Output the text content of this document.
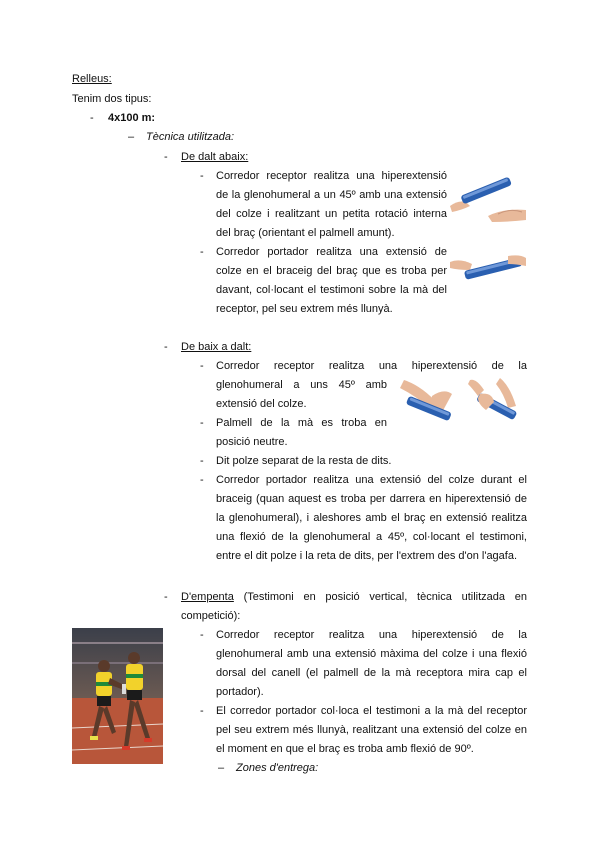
Relleus:
Tenim dos tipus:
- 4x100 m:
– Tècnica utilitzada:
- De dalt abaix:
- Corredor receptor realitza una hiperextensió
de la glenohumeral a un 45º amb una extensió
del colze i realitzant un petita rotació interna
del braç (orientant el palmell amunt).
- Corredor portador realitza una extensió de
colze en el braceig del braç que es troba per
davant, col·locant el testimoni sobre la mà del
receptor, pel seu extrem més llunyà.
- De baix a dalt:
- Corredor receptor realitza una hiperextensió de la
glenohumeral a uns 45º amb
extensió del colze.
- Palmell de la mà es troba en
posició neutre.
- Dit polze separat de la resta de dits.
- Corredor portador realitza una extensió del colze durant el
braceig (quan aquest es troba per darrera en hiperextensió de
la glenohumeral), i aleshores amb el braç en extensió realitza
una flexió de la glenohumeral a 45º, col·locant el testimoni,
entre el dit polze i la reta de dits, per l'extrem des d'on l'agafa.
- D'empenta (Testimoni en posició vertical, tècnica utilitzada en
competició):
- Corredor receptor realitza una hiperextensió de la
glenohumeral amb una extensió màxima del colze i una flexió
dorsal del canell (el palmell de la mà receptora mira cap el
portador).
- El corredor portador col·loca el testimoni a la mà del receptor
pel seu extrem més llunyà, realitzant una extensió del colze en
el moment en que el braç es troba amb flexió de 90º.
– Zones d'entrega:
